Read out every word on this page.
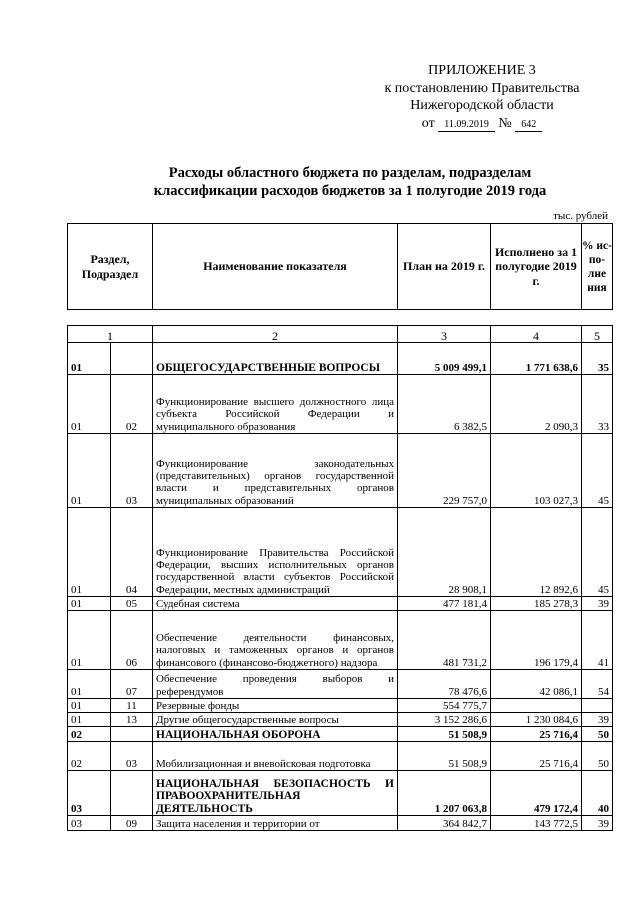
ПРИЛОЖЕНИЕ 3
к постановлению Правительства
Нижегородской области
от 11.09.2019 № 642
Расходы областного бюджета по разделам, подразделам
классификации расходов бюджетов за 1 полугодие 2019 года
тыс. рублей
Раздел, Подраздел	Наименование показателя	План на 2019 г.	Исполнено за 1 полугодие 2019 г.	% ис-по-лне ния
1		2	3	4	5
01		ОБЩЕГОСУДАРСТВЕННЫЕ ВОПРОСЫ	5 009 499,1	1 771 638,6	35
01	02	Функционирование высшего должностного лица субъекта Российской Федерации и муниципального образования	6 382,5	2 090,3	33
01	03	Функционирование законодательных (представительных) органов государственной власти и представительных органов муниципальных образований	229 757,0	103 027,3	45
01	04	Функционирование Правительства Российской Федерации, высших исполнительных органов государственной власти субъектов Российской Федерации, местных администраций	28 908,1	12 892,6	45
01	05	Судебная система	477 181,4	185 278,3	39
01	06	Обеспечение деятельности финансовых, налоговых и таможенных органов и органов финансового (финансово-бюджетного) надзора	481 731,2	196 179,4	41
01	07	Обеспечение проведения выборов и референдумов	78 476,6	42 086,1	54
01	11	Резервные фонды	554 775,7		
01	13	Другие общегосударственные вопросы	3 152 286,6	1 230 084,6	39
02		НАЦИОНАЛЬНАЯ ОБОРОНА	51 508,9	25 716,4	50
02	03	Мобилизационная и вневойсковая подготовка	51 508,9	25 716,4	50
03		НАЦИОНАЛЬНАЯ БЕЗОПАСНОСТЬ И ПРАВООХРАНИТЕЛЬНАЯ ДЕЯТЕЛЬНОСТЬ	1 207 063,8	479 172,4	40
03	09	Защита населения и территории от	364 842,7	143 772,5	39
